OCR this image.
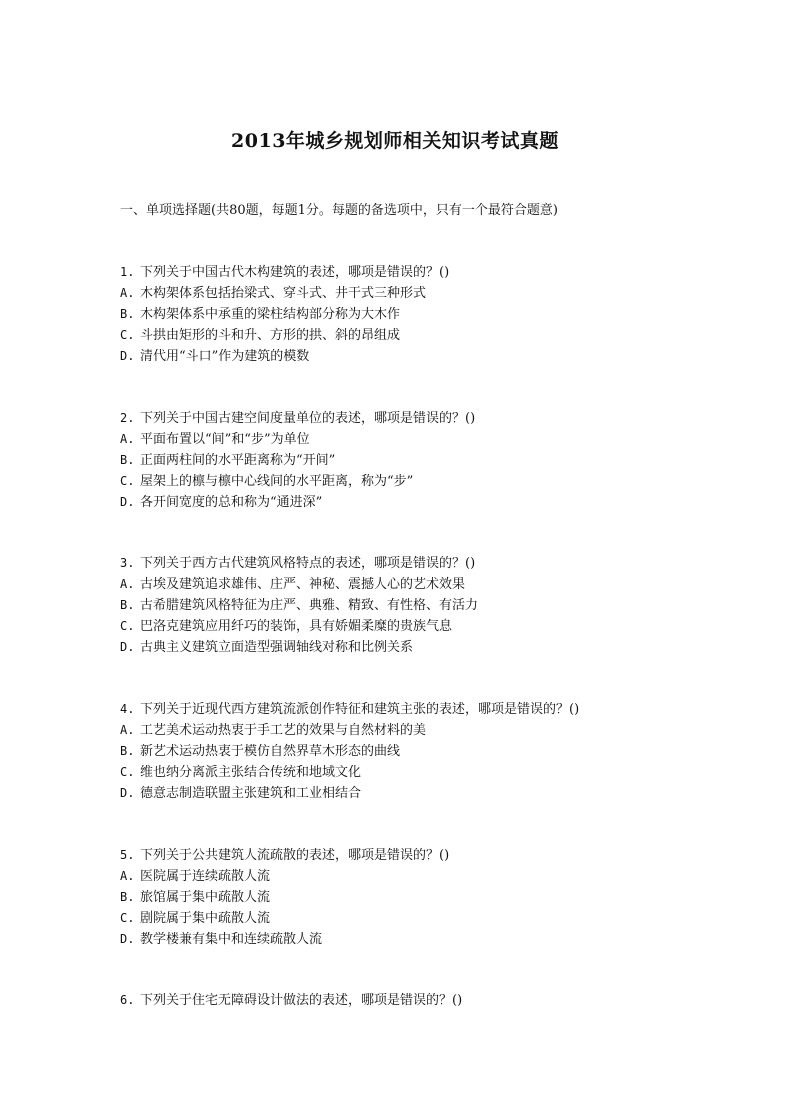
2013年城乡规划师相关知识考试真题
一、单项选择题(共80题，每题1分。每题的备选项中，只有一个最符合题意)
1. 下列关于中国古代木构建筑的表述，哪项是错误的？()
A. 木构架体系包括抬梁式、穿斗式、井干式三种形式
B. 木构架体系中承重的梁柱结构部分称为大木作
C. 斗拱由矩形的斗和升、方形的拱、斜的昂组成
D. 清代用“斗口”作为建筑的模数
2. 下列关于中国古建空间度量单位的表述，哪项是错误的？()
A. 平面布置以“间”和“步”为单位
B. 正面两柱间的水平距离称为“开间”
C. 屋架上的檩与檩中心线间的水平距离，称为“步”
D. 各开间宽度的总和称为“通进深”
3. 下列关于西方古代建筑风格特点的表述，哪项是错误的？()
A. 古埃及建筑追求雄伟、庄严、神秘、震撼人心的艺术效果
B. 古希腊建筑风格特征为庄严、典雅、精致、有性格、有活力
C. 巴洛克建筑应用纤巧的装饰，具有娇媚柔糜的贵族气息
D. 古典主义建筑立面造型强调轴线对称和比例关系
4. 下列关于近现代西方建筑流派创作特征和建筑主张的表述，哪项是错误的？()
A. 工艺美术运动热衷于手工艺的效果与自然材料的美
B. 新艺术运动热衷于模仿自然界草木形态的曲线
C. 维也纳分离派主张结合传统和地域文化
D. 德意志制造联盟主张建筑和工业相结合
5. 下列关于公共建筑人流疏散的表述，哪项是错误的？()
A. 医院属于连续疏散人流
B. 旅馆属于集中疏散人流
C. 剧院属于集中疏散人流
D. 教学楼兼有集中和连续疏散人流
6. 下列关于住宅无障碍设计做法的表述，哪项是错误的？()
